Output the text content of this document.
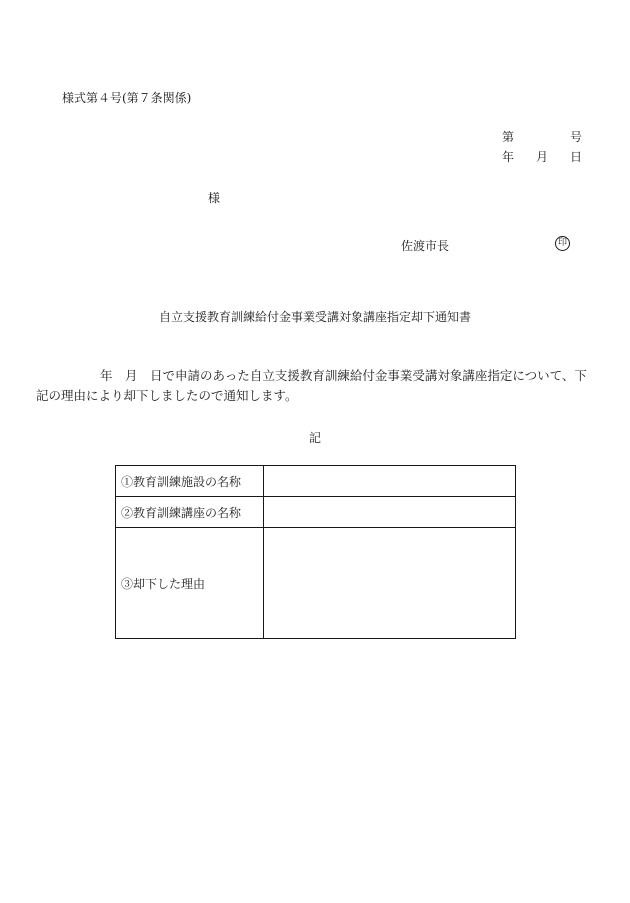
様式第４号(第７条関係)
第	号
年 月 日
様
佐渡市長	印
自立支援教育訓練給付金事業受講対象講座指定却下通知書
年　月　日で申請のあった自立支援教育訓練給付金事業受講対象講座指定について、下記の理由により却下しましたので通知します。
記
①教育訓練施設の名称	
②教育訓練講座の名称	
③却下した理由	
